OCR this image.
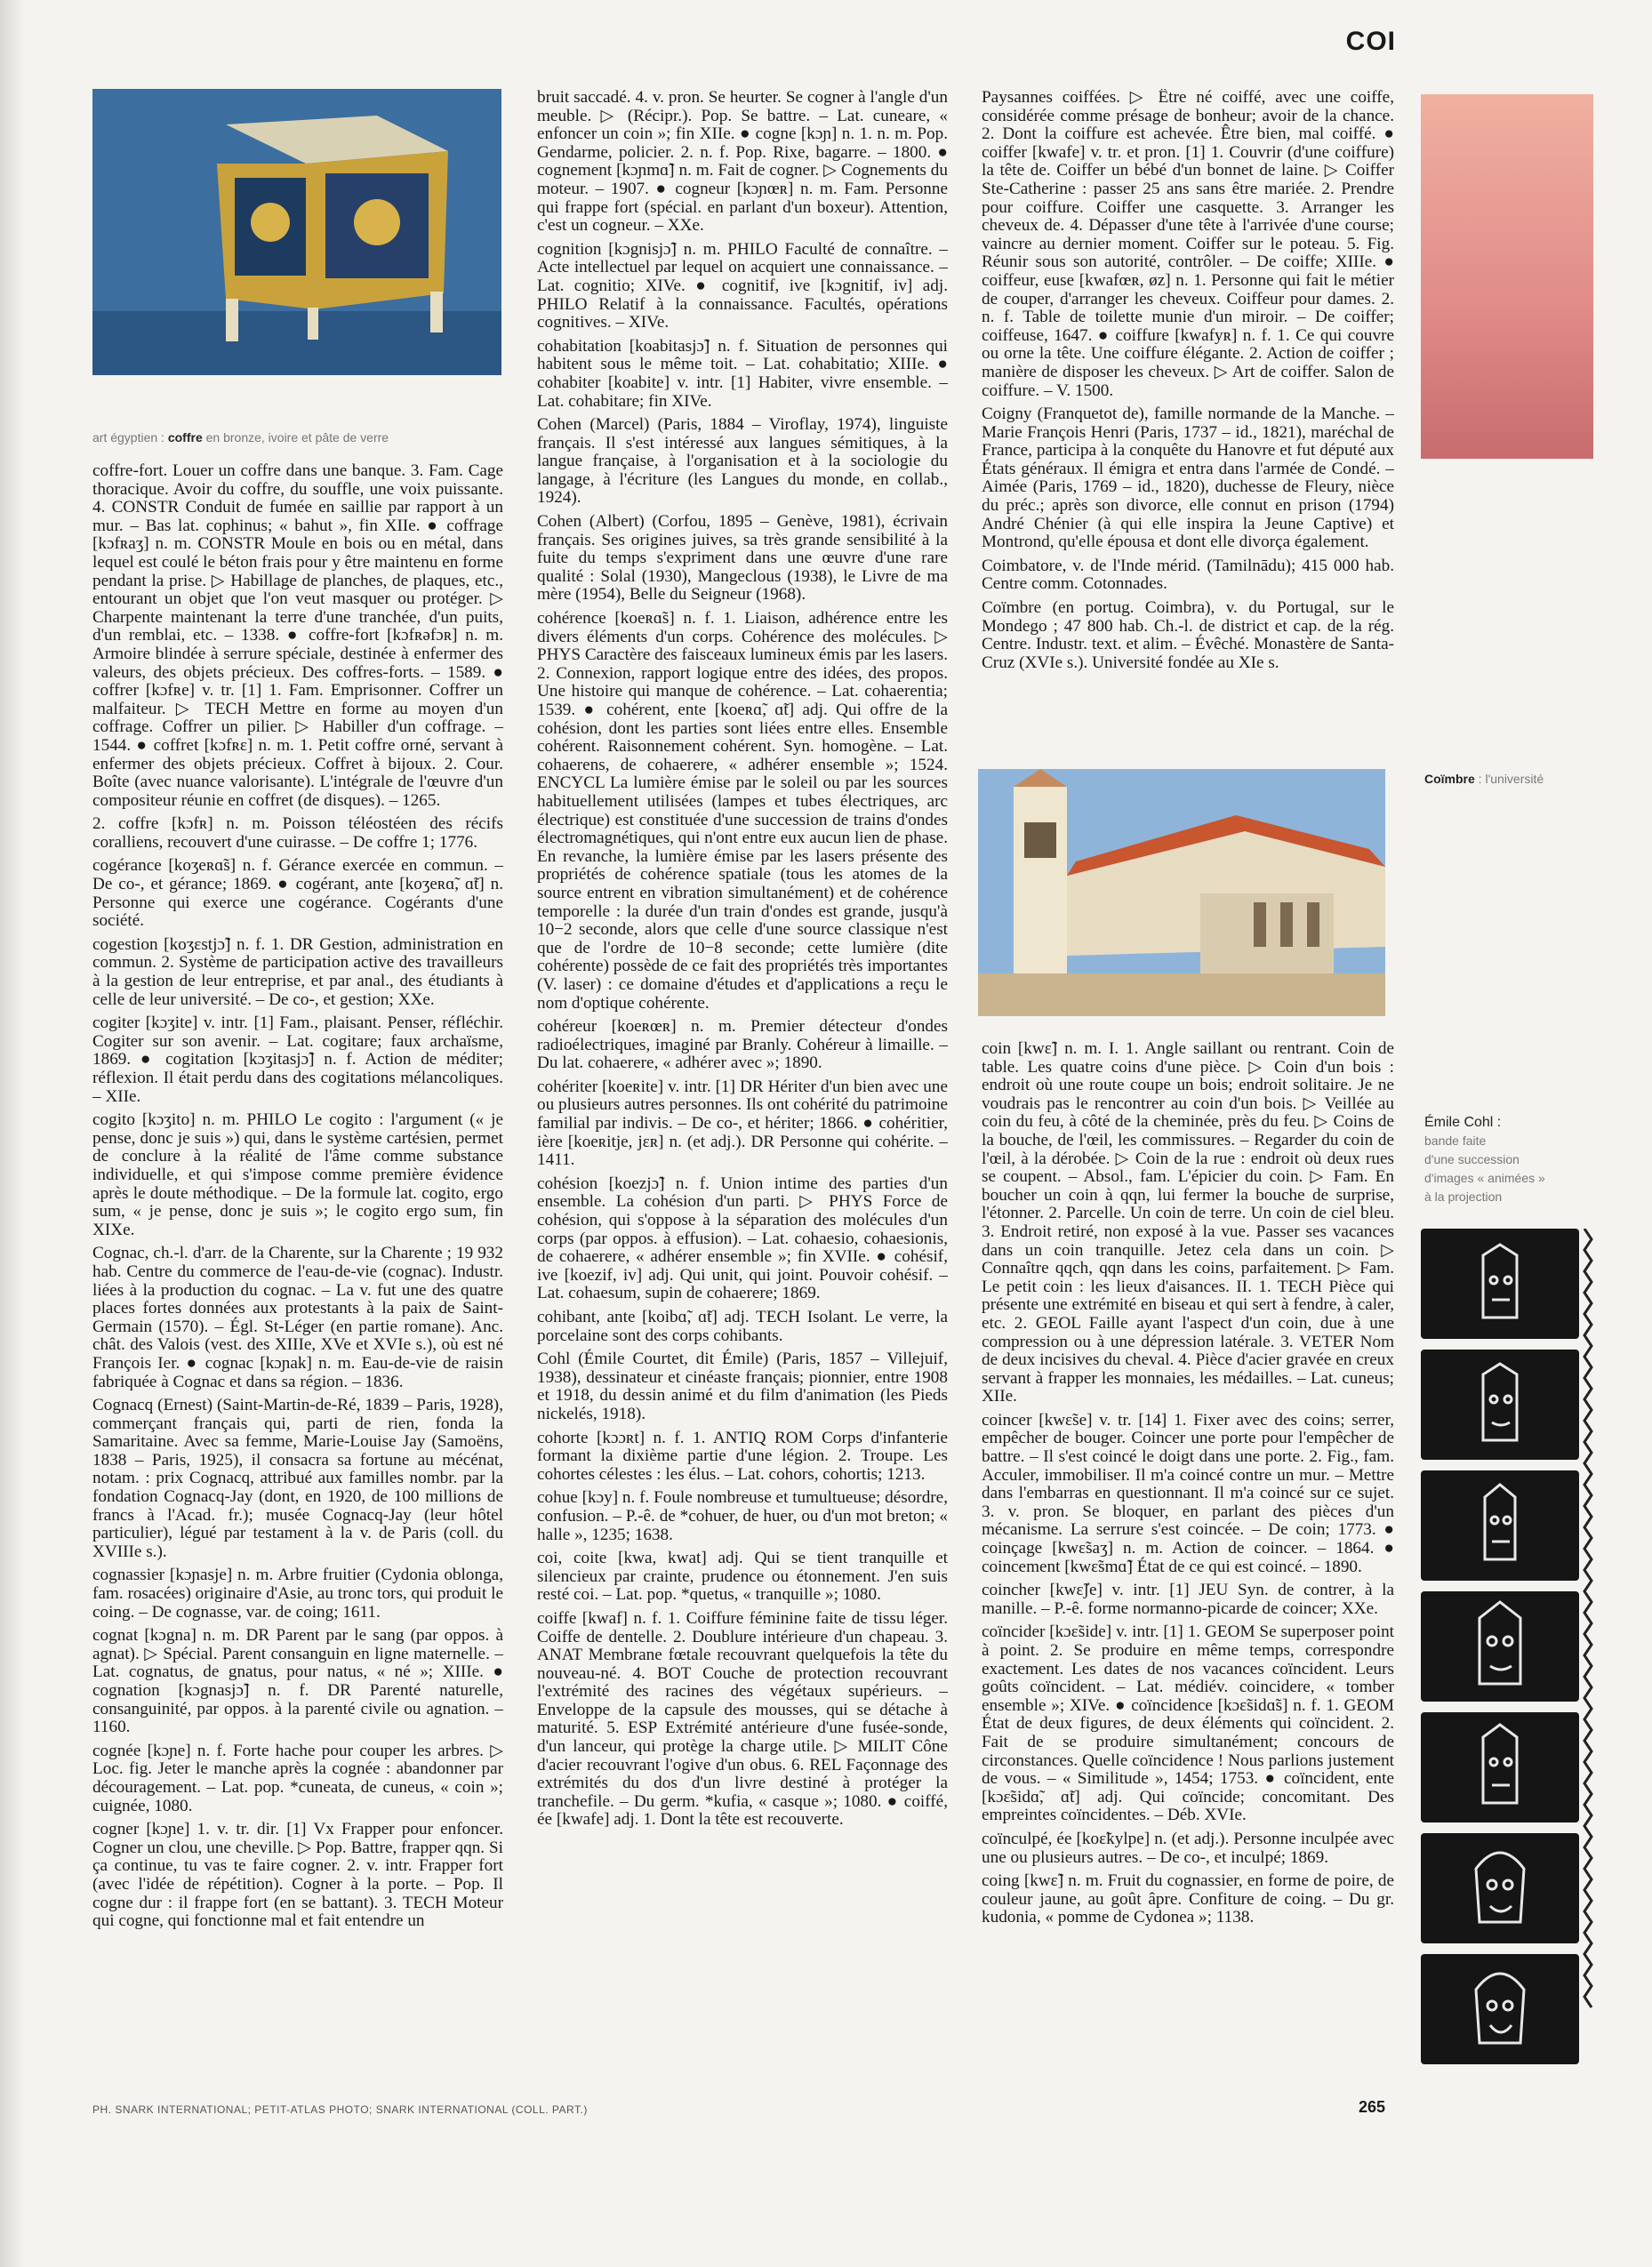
COI
art égyptien : coffre en bronze, ivoire et pâte de verre

coffre-fort. Louer un coffre dans une banque. 3. Fam. Cage thoracique. Avoir du coffre, du souffle, une voix puissante. 4. CONSTR Conduit de fumée en saillie par rapport à un mur. – Bas lat. cophinus; « bahut », fin XIIe. ● coffrage [kɔfʀaʒ] n. m. CONSTR Moule en bois ou en métal, dans lequel est coulé le béton frais pour y être maintenu en forme pendant la prise. ▷ Habillage de planches, de plaques, etc., entourant un objet que l'on veut masquer ou protéger. ▷ Charpente maintenant la terre d'une tranchée, d'un puits, d'un remblai, etc. – 1338. ● coffre-fort [kɔfʀəfɔʀ] n. m. Armoire blindée à serrure spéciale, destinée à enfermer des valeurs, des objets précieux. Des coffres-forts. – 1589. ● coffrer [kɔfʀe] v. tr. [1] 1. Fam. Emprisonner. Coffrer un malfaiteur. ▷ TECH Mettre en forme au moyen d'un coffrage. Coffrer un pilier. ▷ Habiller d'un coffrage. – 1544. ● coffret [kɔfʀɛ] n. m. 1. Petit coffre orné, servant à enfermer des objets précieux. Coffret à bijoux. 2. Cour. Boîte (avec nuance valorisante). L'intégrale de l'œuvre d'un compositeur réunie en coffret (de disques). – 1265.

2. coffre [kɔfʀ] n. m. Poisson téléostéen des récifs coralliens, recouvert d'une cuirasse. – De coffre 1; 1776.

cogérance [koʒeʀɑ̃s] n. f. Gérance exercée en commun. – De co-, et gérance; 1869. ● cogérant, ante [koʒeʀɑ̃, ɑ̃t] n. Personne qui exerce une cogérance. Cogérants d'une société.

cogestion [koʒɛstjɔ̃] n. f. 1. DR Gestion, administration en commun. 2. Système de participation active des travailleurs à la gestion de leur entreprise, et par anal., des étudiants à celle de leur université. – De co-, et gestion; XXe.

cogiter [kɔʒite] v. intr. [1] Fam., plaisant. Penser, réfléchir. Cogiter sur son avenir. – Lat. cogitare; faux archaïsme, 1869. ● cogitation [kɔʒitasjɔ̃] n. f. Action de méditer; réflexion. Il était perdu dans des cogitations mélancoliques. – XIIe.

cogito [kɔʒito] n. m. PHILO Le cogito : l'argument (« je pense, donc je suis ») qui, dans le système cartésien, permet de conclure à la réalité de l'âme comme substance individuelle, et qui s'impose comme première évidence après le doute méthodique. – De la formule lat. cogito, ergo sum, « je pense, donc je suis »; le cogito ergo sum, fin XIXe.

Cognac, ch.-l. d'arr. de la Charente, sur la Charente ; 19 932 hab. Centre du commerce de l'eau-de-vie (cognac). Industr. liées à la production du cognac. – La v. fut une des quatre places fortes données aux protestants à la paix de Saint-Germain (1570). – Égl. St-Léger (en partie romane). Anc. chât. des Valois (vest. des XIIIe, XVe et XVIe s.), où est né François Ier. ● cognac [kɔɲak] n. m. Eau-de-vie de raisin fabriquée à Cognac et dans sa région. – 1836.

Cognacq (Ernest) (Saint-Martin-de-Ré, 1839 – Paris, 1928), commerçant français qui, parti de rien, fonda la Samaritaine. Avec sa femme, Marie-Louise Jay (Samoëns, 1838 – Paris, 1925), il consacra sa fortune au mécénat, notam. : prix Cognacq, attribué aux familles nombr. par la fondation Cognacq-Jay (dont, en 1920, de 100 millions de francs à l'Acad. fr.); musée Cognacq-Jay (leur hôtel particulier), légué par testament à la v. de Paris (coll. du XVIIIe s.).

cognassier [kɔɲasje] n. m. Arbre fruitier (Cydonia oblonga, fam. rosacées) originaire d'Asie, au tronc tors, qui produit le coing. – De cognasse, var. de coing; 1611.

cognat [kɔgna] n. m. DR Parent par le sang (par oppos. à agnat). ▷ Spécial. Parent consanguin en ligne maternelle. – Lat. cognatus, de gnatus, pour natus, « né »; XIIIe. ● cognation [kɔgnasjɔ̃] n. f. DR Parenté naturelle, consanguinité, par oppos. à la parenté civile ou agnation. – 1160.

cognée [kɔɲe] n. f. Forte hache pour couper les arbres. ▷ Loc. fig. Jeter le manche après la cognée : abandonner par découragement. – Lat. pop. *cuneata, de cuneus, « coin »; cuignée, 1080.

cogner [kɔɲe] 1. v. tr. dir. [1] Vx Frapper pour enfoncer. Cogner un clou, une cheville. ▷ Pop. Battre, frapper qqn. Si ça continue, tu vas te faire cogner. 2. v. intr. Frapper fort (avec l'idée de répétition). Cogner à la porte. – Pop. Il cogne dur : il frappe fort (en se battant). 3. TECH Moteur qui cogne, qui fonctionne mal et fait entendre un

bruit saccadé. 4. v. pron. Se heurter. Se cogner à l'angle d'un meuble. ▷ (Récipr.). Pop. Se battre. – Lat. cuneare, « enfoncer un coin »; fin XIIe. ● cogne [kɔɲ] n. 1. n. m. Pop. Gendarme, policier. 2. n. f. Pop. Rixe, bagarre. – 1800. ● cognement [kɔɲmɑ̃] n. m. Fait de cogner. ▷ Cognements du moteur. – 1907. ● cogneur [kɔɲœʀ] n. m. Fam. Personne qui frappe fort (spécial. en parlant d'un boxeur). Attention, c'est un cogneur. – XXe.

cognition [kɔgnisjɔ̃] n. m. PHILO Faculté de connaître. – Acte intellectuel par lequel on acquiert une connaissance. – Lat. cognitio; XIVe. ● cognitif, ive [kɔgnitif, iv] adj. PHILO Relatif à la connaissance. Facultés, opérations cognitives. – XIVe.

cohabitation [koabitasjɔ̃] n. f. Situation de personnes qui habitent sous le même toit. – Lat. cohabitatio; XIIIe. ● cohabiter [koabite] v. intr. [1] Habiter, vivre ensemble. – Lat. cohabitare; fin XIVe.

Cohen (Marcel) (Paris, 1884 – Viroflay, 1974), linguiste français. Il s'est intéressé aux langues sémitiques, à la langue française, à l'organisation et à la sociologie du langage, à l'écriture (les Langues du monde, en collab., 1924).

Cohen (Albert) (Corfou, 1895 – Genève, 1981), écrivain français. Ses origines juives, sa très grande sensibilité à la fuite du temps s'expriment dans une œuvre d'une rare qualité : Solal (1930), Mangeclous (1938), le Livre de ma mère (1954), Belle du Seigneur (1968).

cohérence [koeʀɑ̃s] n. f. 1. Liaison, adhérence entre les divers éléments d'un corps. Cohérence des molécules. ▷ PHYS Caractère des faisceaux lumineux émis par les lasers. 2. Connexion, rapport logique entre des idées, des propos. Une histoire qui manque de cohérence. – Lat. cohaerentia; 1539. ● cohérent, ente [koeʀɑ̃, ɑ̃t] adj. Qui offre de la cohésion, dont les parties sont liées entre elles. Ensemble cohérent. Raisonnement cohérent. Syn. homogène. – Lat. cohaerens, de cohaerere, « adhérer ensemble »; 1524. ENCYCL La lumière émise par le soleil ou par les sources habituellement utilisées (lampes et tubes électriques, arc électrique) est constituée d'une succession de trains d'ondes électromagnétiques, qui n'ont entre eux aucun lien de phase. En revanche, la lumière émise par les lasers présente des propriétés de cohérence spatiale (tous les atomes de la source entrent en vibration simultanément) et de cohérence temporelle : la durée d'un train d'ondes est grande, jusqu'à 10−2 seconde, alors que celle d'une source classique n'est que de l'ordre de 10−8 seconde; cette lumière (dite cohérente) possède de ce fait des propriétés très importantes (V. laser) : ce domaine d'études et d'applications a reçu le nom d'optique cohérente.

cohéreur [koeʀœʀ] n. m. Premier détecteur d'ondes radioélectriques, imaginé par Branly. Cohéreur à limaille. – Du lat. cohaerere, « adhérer avec »; 1890.

cohériter [koeʀite] v. intr. [1] DR Hériter d'un bien avec une ou plusieurs autres personnes. Ils ont cohérité du patrimoine familial par indivis. – De co-, et hériter; 1866. ● cohéritier, ière [koeʀitje, jɛʀ] n. (et adj.). DR Personne qui cohérite. – 1411.

cohésion [koezjɔ̃] n. f. Union intime des parties d'un ensemble. La cohésion d'un parti. ▷ PHYS Force de cohésion, qui s'oppose à la séparation des molécules d'un corps (par oppos. à effusion). – Lat. cohaesio, cohaesionis, de cohaerere, « adhérer ensemble »; fin XVIIe. ● cohésif, ive [koezif, iv] adj. Qui unit, qui joint. Pouvoir cohésif. – Lat. cohaesum, supin de cohaerere; 1869.

cohibant, ante [koibɑ̃, ɑ̃t] adj. TECH Isolant. Le verre, la porcelaine sont des corps cohibants.

Cohl (Émile Courtet, dit Émile) (Paris, 1857 – Villejuif, 1938), dessinateur et cinéaste français; pionnier, entre 1908 et 1918, du dessin animé et du film d'animation (les Pieds nickelés, 1918).

cohorte [kɔɔʀt] n. f. 1. ANTIQ ROM Corps d'infanterie formant la dixième partie d'une légion. 2. Troupe. Les cohortes célestes : les élus. – Lat. cohors, cohortis; 1213.

cohue [kɔy] n. f. Foule nombreuse et tumultueuse; désordre, confusion. – P.-ê. de *cohuer, de huer, ou d'un mot breton; « halle », 1235; 1638.

coi, coite [kwa, kwat] adj. Qui se tient tranquille et silencieux par crainte, prudence ou étonnement. J'en suis resté coi. – Lat. pop. *quetus, « tranquille »; 1080.

coiffe [kwaf] n. f. 1. Coiffure féminine faite de tissu léger. Coiffe de dentelle. 2. Doublure intérieure d'un chapeau. 3. ANAT Membrane fœtale recouvrant quelquefois la tête du nouveau-né. 4. BOT Couche de protection recouvrant l'extrémité des racines des végétaux supérieurs. – Enveloppe de la capsule des mousses, qui se détache à maturité. 5. ESP Extrémité antérieure d'une fusée-sonde, d'un lanceur, qui protège la charge utile. ▷ MILIT Cône d'acier recouvrant l'ogive d'un obus. 6. REL Façonnage des extrémités du dos d'un livre destiné à protéger la tranchefile. – Du germ. *kufia, « casque »; 1080. ● coiffé, ée [kwafe] adj. 1. Dont la tête est recouverte.

Paysannes coiffées. ▷ Être né coiffé, avec une coiffe, considérée comme présage de bonheur; avoir de la chance. 2. Dont la coiffure est achevée. Être bien, mal coiffé. ● coiffer [kwafe] v. tr. et pron. [1] 1. Couvrir (d'une coiffure) la tête de. Coiffer un bébé d'un bonnet de laine. ▷ Coiffer Ste-Catherine : passer 25 ans sans être mariée. 2. Prendre pour coiffure. Coiffer une casquette. 3. Arranger les cheveux de. 4. Dépasser d'une tête à l'arrivée d'une course; vaincre au dernier moment. Coiffer sur le poteau. 5. Fig. Réunir sous son autorité, contrôler. – De coiffe; XIIIe. ● coiffeur, euse [kwafœʀ, øz] n. 1. Personne qui fait le métier de couper, d'arranger les cheveux. Coiffeur pour dames. 2. n. f. Table de toilette munie d'un miroir. – De coiffer; coiffeuse, 1647. ● coiffure [kwafyʀ] n. f. 1. Ce qui couvre ou orne la tête. Une coiffure élégante. 2. Action de coiffer ; manière de disposer les cheveux. ▷ Art de coiffer. Salon de coiffure. – V. 1500.

Coigny (Franquetot de), famille normande de la Manche. – Marie François Henri (Paris, 1737 – id., 1821), maréchal de France, participa à la conquête du Hanovre et fut député aux États généraux. Il émigra et entra dans l'armée de Condé. – Aimée (Paris, 1769 – id., 1820), duchesse de Fleury, nièce du préc.; après son divorce, elle connut en prison (1794) André Chénier (à qui elle inspira la Jeune Captive) et Montrond, qu'elle épousa et dont elle divorça également.

Coimbatore, v. de l'Inde mérid. (Tamilnādu); 415 000 hab. Centre comm. Cotonnades.

Coïmbre (en portug. Coimbra), v. du Portugal, sur le Mondego ; 47 800 hab. Ch.-l. de district et cap. de la rég. Centre. Industr. text. et alim. – Évêché. Monastère de Santa-Cruz (XVIe s.). Université fondée au XIe s.

Coïmbre : l'université

coin [kwɛ̃] n. m. I. 1. Angle saillant ou rentrant. Coin de table. Les quatre coins d'une pièce. ▷ Coin d'un bois : endroit où une route coupe un bois; endroit solitaire. Je ne voudrais pas le rencontrer au coin d'un bois. ▷ Veillée au coin du feu, à côté de la cheminée, près du feu. ▷ Coins de la bouche, de l'œil, les commissures. – Regarder du coin de l'œil, à la dérobée. ▷ Coin de la rue : endroit où deux rues se coupent. – Absol., fam. L'épicier du coin. ▷ Fam. En boucher un coin à qqn, lui fermer la bouche de surprise, l'étonner. 2. Parcelle. Un coin de terre. Un coin de ciel bleu. 3. Endroit retiré, non exposé à la vue. Passer ses vacances dans un coin tranquille. Jetez cela dans un coin. ▷ Connaître qqch, qqn dans les coins, parfaitement. ▷ Fam. Le petit coin : les lieux d'aisances. II. 1. TECH Pièce qui présente une extrémité en biseau et qui sert à fendre, à caler, etc. 2. GEOL Faille ayant l'aspect d'un coin, due à une compression ou à une dépression latérale. 3. VETER Nom de deux incisives du cheval. 4. Pièce d'acier gravée en creux servant à frapper les monnaies, les médailles. – Lat. cuneus; XIIe.

coincer [kwɛ̃se] v. tr. [14] 1. Fixer avec des coins; serrer, empêcher de bouger. Coincer une porte pour l'empêcher de battre. – Il s'est coincé le doigt dans une porte. 2. Fig., fam. Acculer, immobiliser. Il m'a coincé contre un mur. – Mettre dans l'embarras en questionnant. Il m'a coincé sur ce sujet. 3. v. pron. Se bloquer, en parlant des pièces d'un mécanisme. La serrure s'est coincée. – De coin; 1773. ● coinçage [kwɛ̃saʒ] n. m. Action de coincer. – 1864. ● coincement [kwɛ̃smɑ̃] État de ce qui est coincé. – 1890.

coincher [kwɛ̃ʃe] v. intr. [1] JEU Syn. de contrer, à la manille. – P.-ê. forme normanno-picarde de coincer; XXe.

coïncider [kɔɛ̃side] v. intr. [1] 1. GEOM Se superposer point à point. 2. Se produire en même temps, correspondre exactement. Les dates de nos vacances coïncident. Leurs goûts coïncident. – Lat. médiév. coincidere, « tomber ensemble »; XIVe. ● coïncidence [kɔɛ̃sidɑ̃s] n. f. 1. GEOM État de deux figures, de deux éléments qui coïncident. 2. Fait de se produire simultanément; concours de circonstances. Quelle coïncidence ! Nous parlions justement de vous. – « Similitude », 1454; 1753. ● coïncident, ente [kɔɛ̃sidɑ̃, ɑ̃t] adj. Qui coïncide; concomitant. Des empreintes coïncidentes. – Déb. XVIe.

coïnculpé, ée [koɛ̃kylpe] n. (et adj.). Personne inculpée avec une ou plusieurs autres. – De co-, et inculpé; 1869.

coing [kwɛ̃] n. m. Fruit du cognassier, en forme de poire, de couleur jaune, au goût âpre. Confiture de coing. – Du gr. kudonia, « pomme de Cydonea »; 1138.

Émile Cohl :
bande faite
d'une succession
d'images « animées »
à la projection
PH. SNARK INTERNATIONAL; PETIT-ATLAS PHOTO; SNARK INTERNATIONAL (COLL. PART.)	265
